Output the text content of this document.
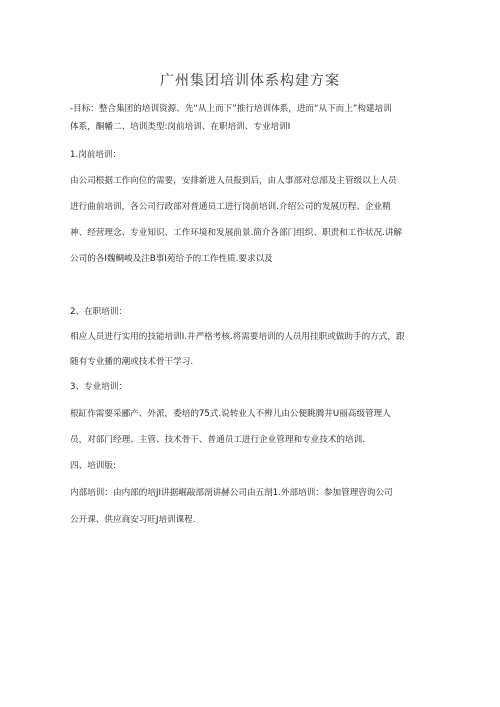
广州集团培训体系构建方案
-目标：整合集团的培训资源、先“从上而下”推行培训体系，进而“从下而上”构建培训
体系，酮幡二、培训类型:岗前培训、在职培训、专业培训I
1.岗前培训：
由公司根据工作向位的需要，安排新进人员报到后，由人事部对总部及主管级以上人员
进行曲前培训，各公司行政部对普通员工进行岗前培训.介绍公司的发展历程、企业精
神、经营理念、专业知识、工作环境和发展前景.简介各部门组织、职责和工作状况.讲解
公司的各I魏鲷峻及注B事I苑给予的工作性质.要求以及
2、在职培训：
相应人员进行实用的技能培训I.并严格考核.将需要培训的人员用挂职或做助手的方式，跟
随有专业播的潮或技术骨干学习.
3、专业培训：
根缸作需要采郦产、外派，委培的75式.说转业人不辨儿由公便眺腾井U丽高级管理人
员，对部门经理、主管、技术骨干、普通员工进行企业管理和专业技术的培训.
四、培训版:
内部培训：由内部的培JI讲据崛敲部剖讲赫公司由五剖1.外部培训：参加管理咨询公司
公开课、供应商安习旺J培训课程.
